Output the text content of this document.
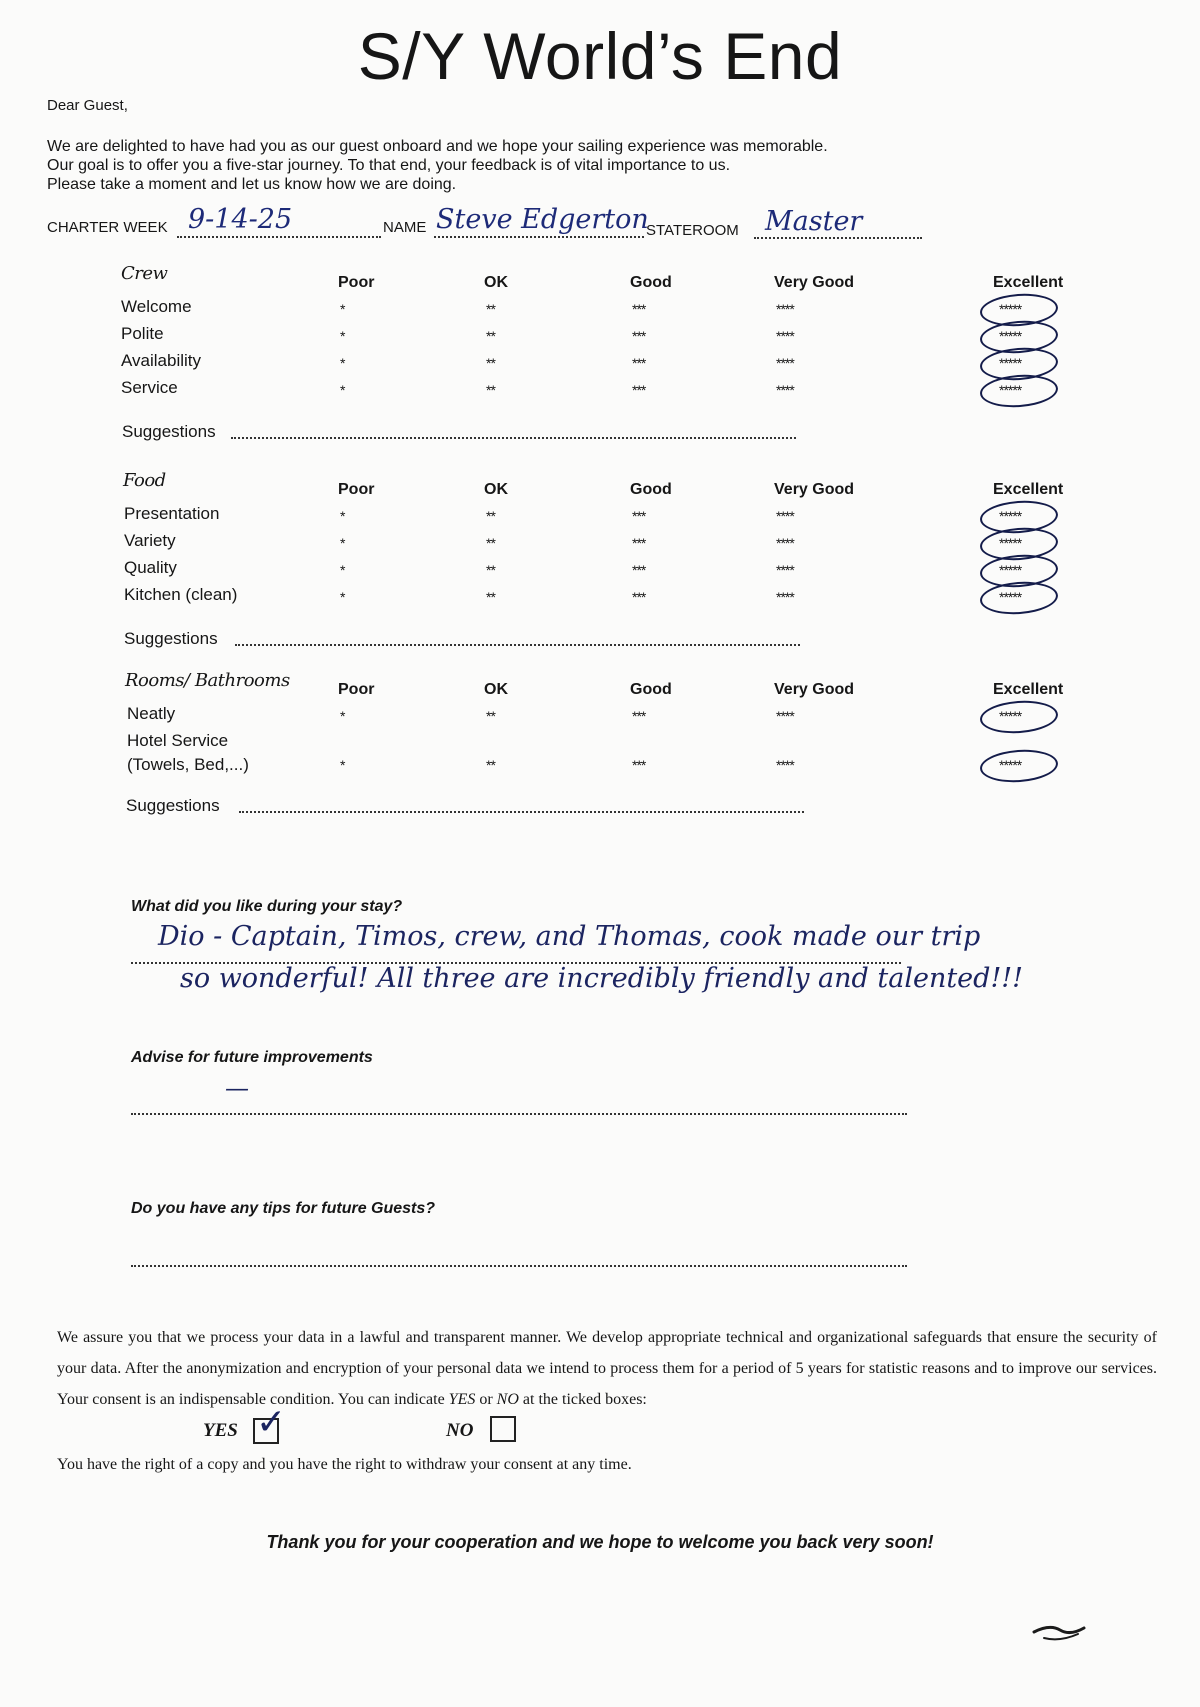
S/Y World’s End
Dear Guest,
We are delighted to have had you as our guest onboard and we hope your sailing experience was memorable.
Our goal is to offer you a five-star journey. To that end, your feedback is of vital importance to us.
Please take a moment and let us know how we are doing.
CHARTER WEEK 9-14-25	NAME Steve Edgerton
STATEROOM Master
Crew	Poor	OK	Good	Very Good	Excellent
Welcome	*	**	***	****	*****
Polite	*	**	***	****	*****
Availability	*	**	***	****	*****
Service	*	**	***	****	*****
Suggestions
Food	Poor	OK	Good	Very Good	Excellent
Presentation	*	**	***	****	*****
Variety	*	**	***	****	*****
Quality	*	**	***	****	*****
Kitchen (clean)	*	**	***	****	*****
Suggestions
Rooms/ Bathrooms	Poor	OK	Good	Very Good	Excellent
Neatly	*	**	***	****	*****
Hotel Service
(Towels, Bed,...)	*	**	***	****	*****
Suggestions
What did you like during your stay?
Dio - Captain, Timos, crew, and Thomas, cook made our trip
so wonderful! All three are incredibly friendly and talented!!!
Advise for future improvements
—
Do you have any tips for future Guests?
We assure you that we process your data in a lawful and transparent manner. We develop appropriate technical and organizational safeguards that ensure the security of your data. After the anonymization and encryption of your personal data we intend to process them for a period of 5 years for statistic reasons and to improve our services. Your consent is an indispensable condition. You can indicate YES or NO at the ticked boxes:
YES ✓	NO
You have the right of a copy and you have the right to withdraw your consent at any time.
Thank you for your cooperation and we hope to welcome you back very soon!
